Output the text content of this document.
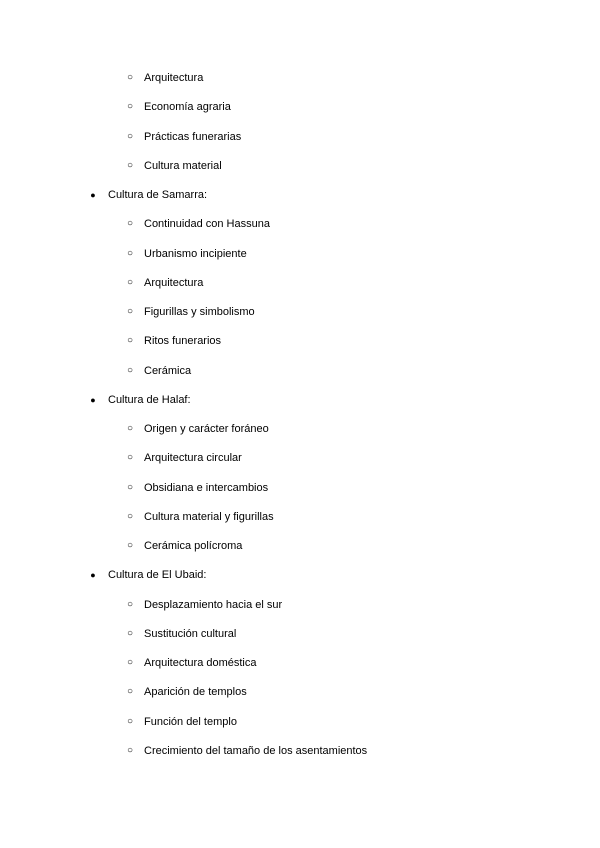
○ Arquitectura
○ Economía agraria
○ Prácticas funerarias
○ Cultura material
● Cultura de Samarra:
○ Continuidad con Hassuna
○ Urbanismo incipiente
○ Arquitectura
○ Figurillas y simbolismo
○ Ritos funerarios
○ Cerámica
● Cultura de Halaf:
○ Origen y carácter foráneo
○ Arquitectura circular
○ Obsidiana e intercambios
○ Cultura material y figurillas
○ Cerámica polícroma
● Cultura de El Ubaid:
○ Desplazamiento hacia el sur
○ Sustitución cultural
○ Arquitectura doméstica
○ Aparición de templos
○ Función del templo
○ Crecimiento del tamaño de los asentamientos
